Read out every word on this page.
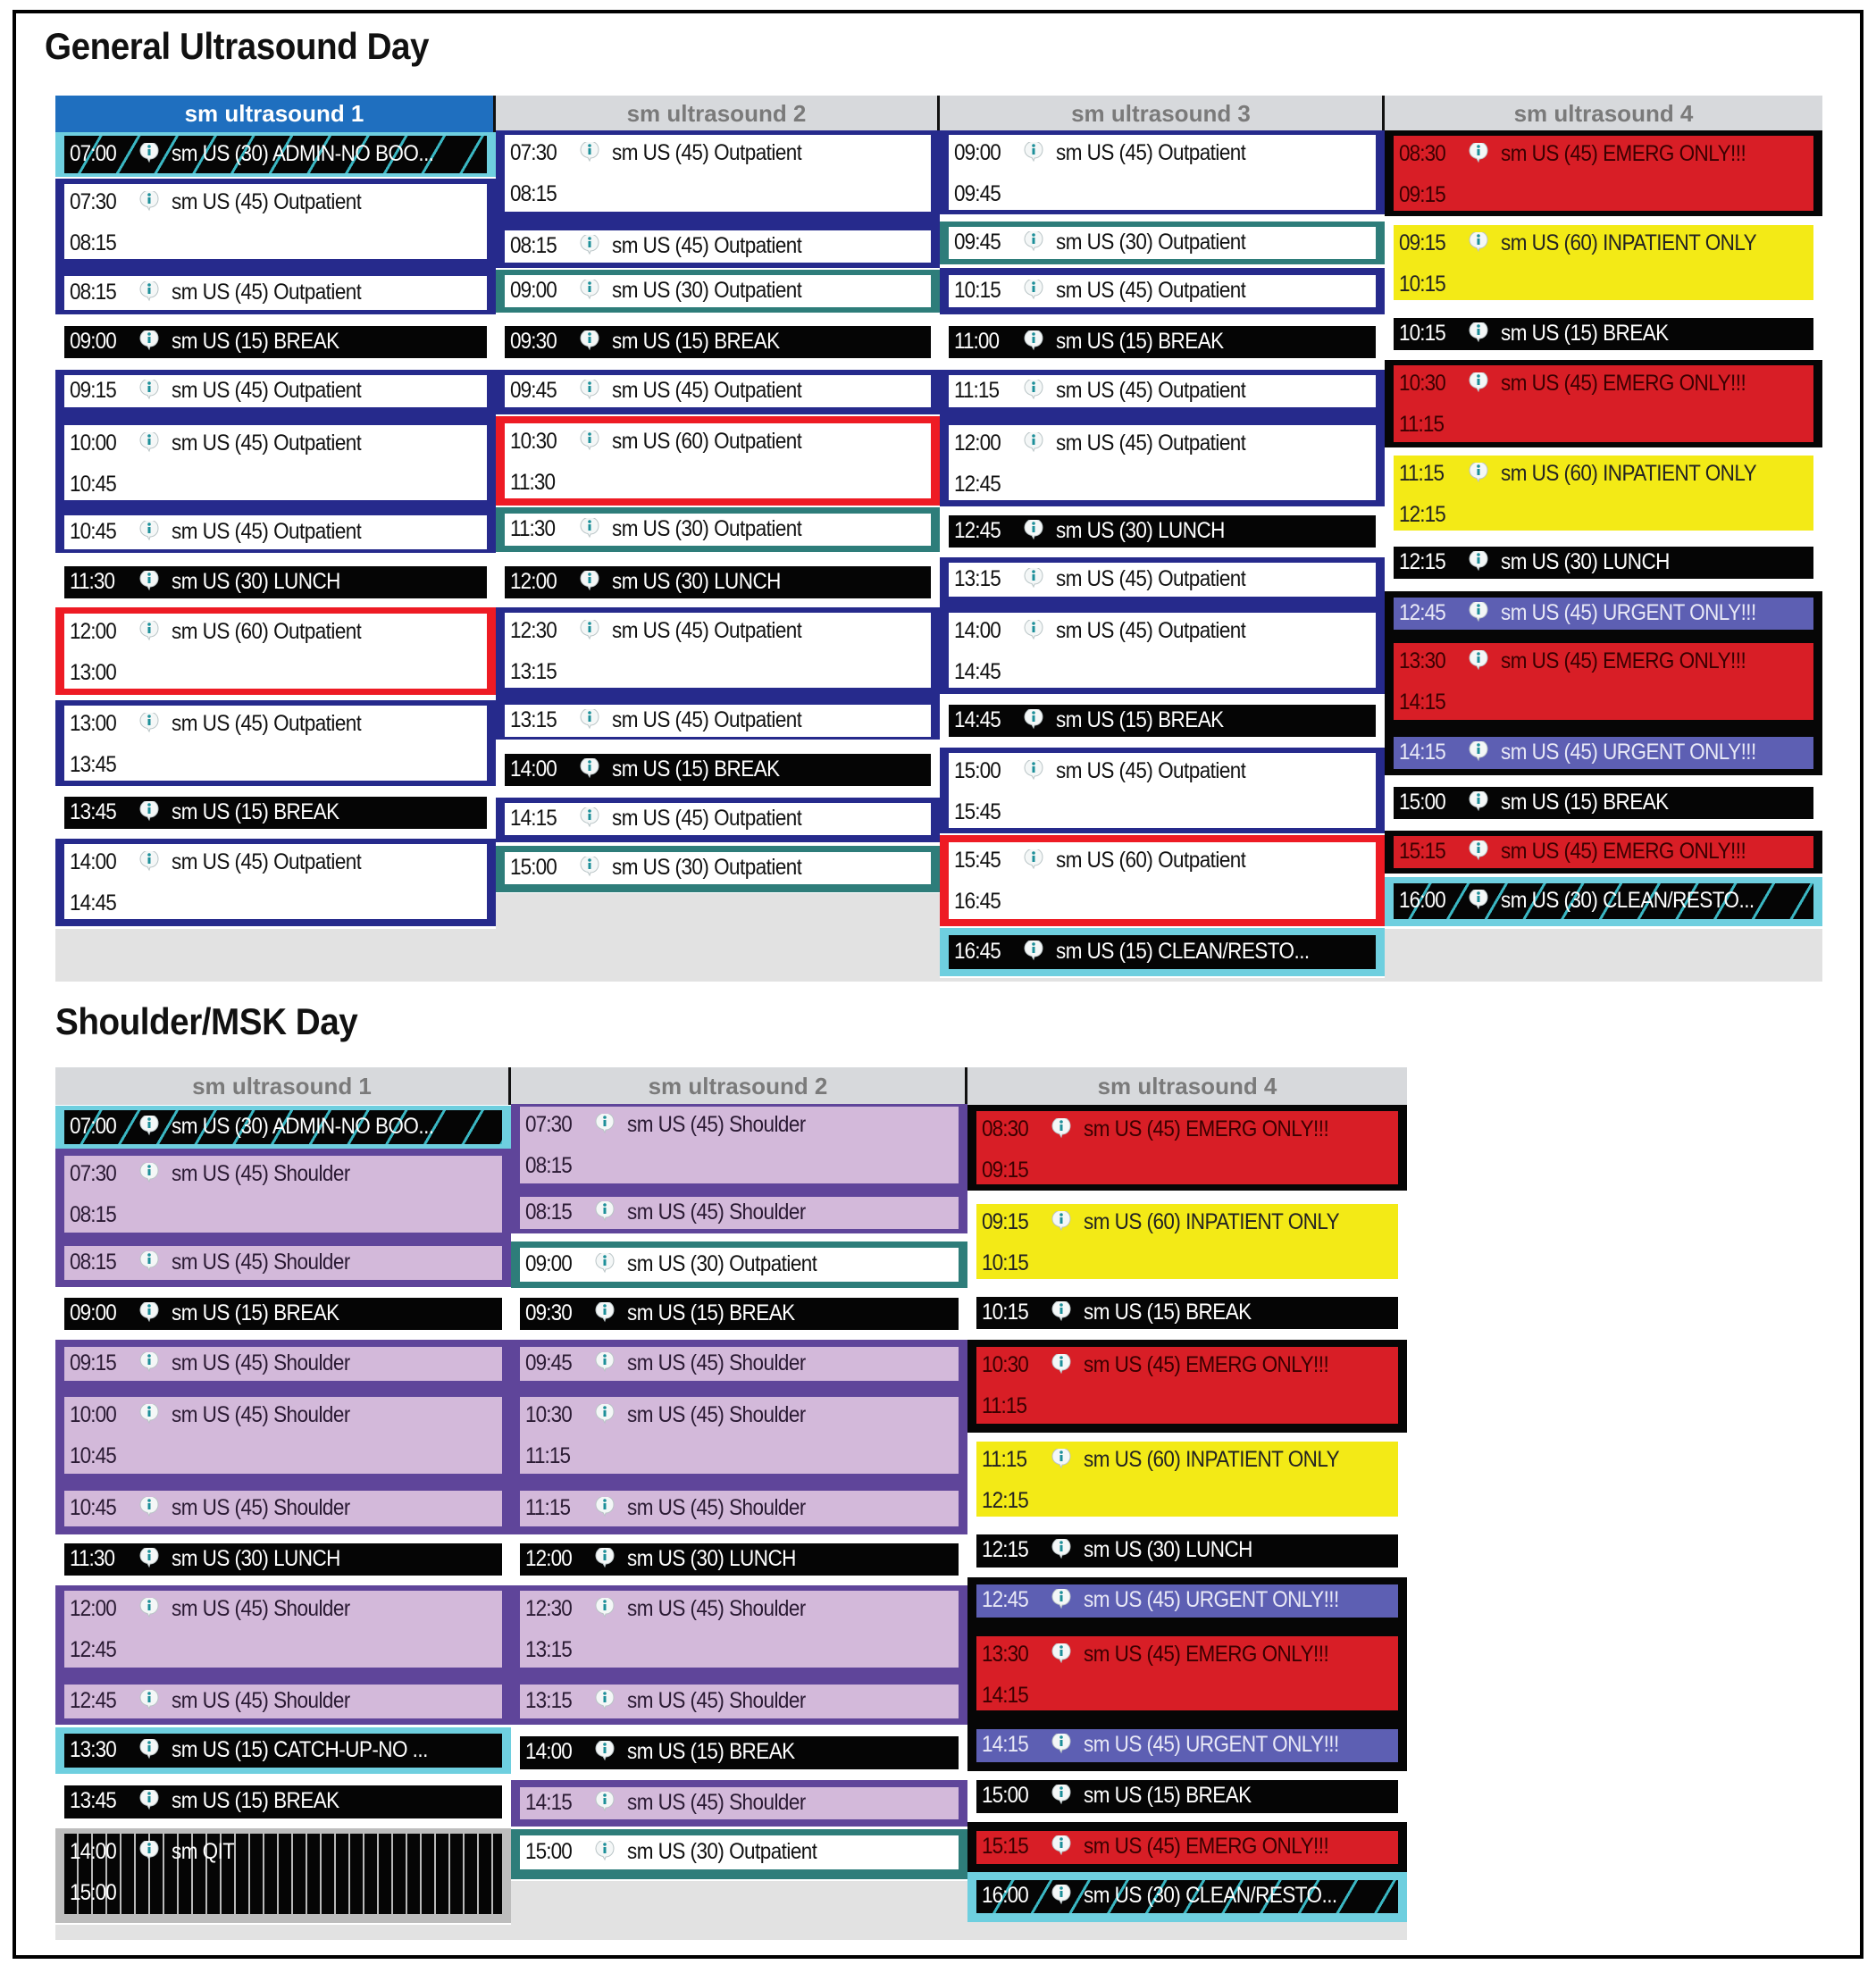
sm ultrasound 1
07:00	sm US (30) ADMIN-NO BOO...
07:30	sm US (45) Outpatient
08:15
08:15	sm US (45) Outpatient
09:00	sm US (15) BREAK
09:15	sm US (45) Outpatient
10:00	sm US (45) Outpatient
10:45
10:45	sm US (45) Outpatient
11:30	sm US (30) LUNCH
12:00	sm US (60) Outpatient
13:00
13:00	sm US (45) Outpatient
13:45
13:45	sm US (15) BREAK
14:00	sm US (45) Outpatient
14:45
sm ultrasound 2
07:30	sm US (45) Outpatient
08:15
08:15	sm US (45) Outpatient
09:00	sm US (30) Outpatient
09:30	sm US (15) BREAK
09:45	sm US (45) Outpatient
10:30	sm US (60) Outpatient
11:30
11:30	sm US (30) Outpatient
12:00	sm US (30) LUNCH
12:30	sm US (45) Outpatient
13:15
13:15	sm US (45) Outpatient
14:00	sm US (15) BREAK
14:15	sm US (45) Outpatient
15:00	sm US (30) Outpatient
sm ultrasound 3
09:00	sm US (45) Outpatient
09:45
09:45	sm US (30) Outpatient
10:15	sm US (45) Outpatient
11:00	sm US (15) BREAK
11:15	sm US (45) Outpatient
12:00	sm US (45) Outpatient
12:45
12:45	sm US (30) LUNCH
13:15	sm US (45) Outpatient
14:00	sm US (45) Outpatient
14:45
14:45	sm US (15) BREAK
15:00	sm US (45) Outpatient
15:45
15:45	sm US (60) Outpatient
16:45
16:45	sm US (15) CLEAN/RESTO...
sm ultrasound 4
08:30	sm US (45) EMERG ONLY!!!
09:15
09:15	sm US (60) INPATIENT ONLY
10:15
10:15	sm US (15) BREAK
10:30	sm US (45) EMERG ONLY!!!
11:15
11:15	sm US (60) INPATIENT ONLY
12:15
12:15	sm US (30) LUNCH
12:45	sm US (45) URGENT ONLY!!!
13:30	sm US (45) EMERG ONLY!!!
14:15
14:15	sm US (45) URGENT ONLY!!!
15:00	sm US (15) BREAK
15:15	sm US (45) EMERG ONLY!!!
16:00	sm US (30) CLEAN/RESTO...
sm ultrasound 1
07:00	sm US (30) ADMIN-NO BOO...
07:30	sm US (45) Shoulder
08:15
08:15	sm US (45) Shoulder
09:00	sm US (15) BREAK
09:15	sm US (45) Shoulder
10:00	sm US (45) Shoulder
10:45
10:45	sm US (45) Shoulder
11:30	sm US (30) LUNCH
12:00	sm US (45) Shoulder
12:45
12:45	sm US (45) Shoulder
13:30	sm US (15) CATCH-UP-NO ...
13:45	sm US (15) BREAK
14:00	sm QIT
15:00
sm ultrasound 2
07:30	sm US (45) Shoulder
08:15
08:15	sm US (45) Shoulder
09:00	sm US (30) Outpatient
09:30	sm US (15) BREAK
09:45	sm US (45) Shoulder
10:30	sm US (45) Shoulder
11:15
11:15	sm US (45) Shoulder
12:00	sm US (30) LUNCH
12:30	sm US (45) Shoulder
13:15
13:15	sm US (45) Shoulder
14:00	sm US (15) BREAK
14:15	sm US (45) Shoulder
15:00	sm US (30) Outpatient
sm ultrasound 4
08:30	sm US (45) EMERG ONLY!!!
09:15
09:15	sm US (60) INPATIENT ONLY
10:15
10:15	sm US (15) BREAK
10:30	sm US (45) EMERG ONLY!!!
11:15
11:15	sm US (60) INPATIENT ONLY
12:15
12:15	sm US (30) LUNCH
12:45	sm US (45) URGENT ONLY!!!
13:30	sm US (45) EMERG ONLY!!!
14:15
14:15	sm US (45) URGENT ONLY!!!
15:00	sm US (15) BREAK
15:15	sm US (45) EMERG ONLY!!!
16:00	sm US (30) CLEAN/RESTO...
General Ultrasound Day
Shoulder/MSK Day
